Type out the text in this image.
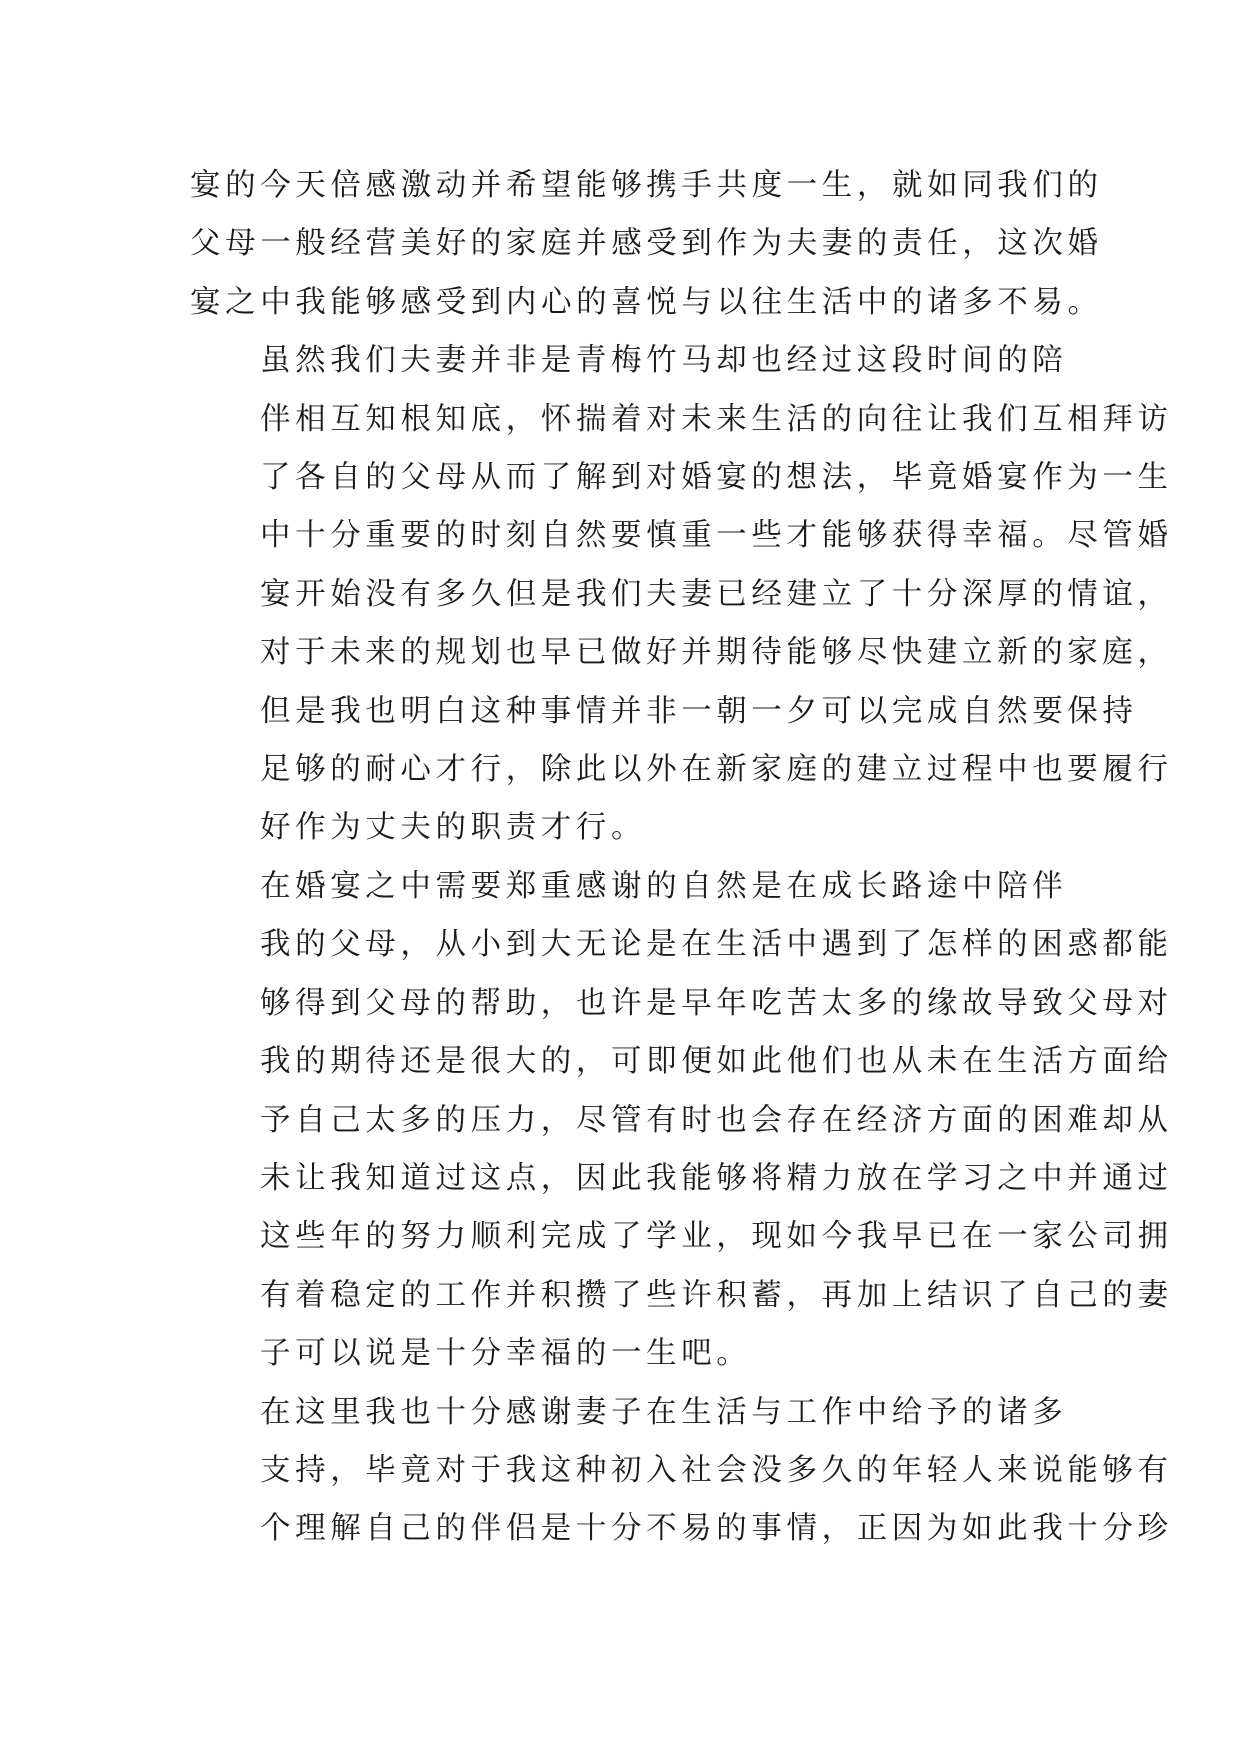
宴的今天倍感激动并希望能够携手共度一生，就如同我们的
父母一般经营美好的家庭并感受到作为夫妻的责任，这次婚
宴之中我能够感受到内心的喜悦与以往生活中的诸多不易。

虽然我们夫妻并非是青梅竹马却也经过这段时间的陪
伴相互知根知底，怀揣着对未来生活的向往让我们互相拜访
了各自的父母从而了解到对婚宴的想法，毕竟婚宴作为一生
中十分重要的时刻自然要慎重一些才能够获得幸福。尽管婚
宴开始没有多久但是我们夫妻已经建立了十分深厚的情谊，
对于未来的规划也早已做好并期待能够尽快建立新的家庭，
但是我也明白这种事情并非一朝一夕可以完成自然要保持
足够的耐心才行，除此以外在新家庭的建立过程中也要履行
好作为丈夫的职责才行。

在婚宴之中需要郑重感谢的自然是在成长路途中陪伴
我的父母，从小到大无论是在生活中遇到了怎样的困惑都能
够得到父母的帮助，也许是早年吃苦太多的缘故导致父母对
我的期待还是很大的，可即便如此他们也从未在生活方面给
予自己太多的压力，尽管有时也会存在经济方面的困难却从
未让我知道过这点，因此我能够将精力放在学习之中并通过
这些年的努力顺利完成了学业，现如今我早已在一家公司拥
有着稳定的工作并积攒了些许积蓄，再加上结识了自己的妻
子可以说是十分幸福的一生吧。

在这里我也十分感谢妻子在生活与工作中给予的诸多
支持，毕竟对于我这种初入社会没多久的年轻人来说能够有
个理解自己的伴侣是十分不易的事情，正因为如此我十分珍
